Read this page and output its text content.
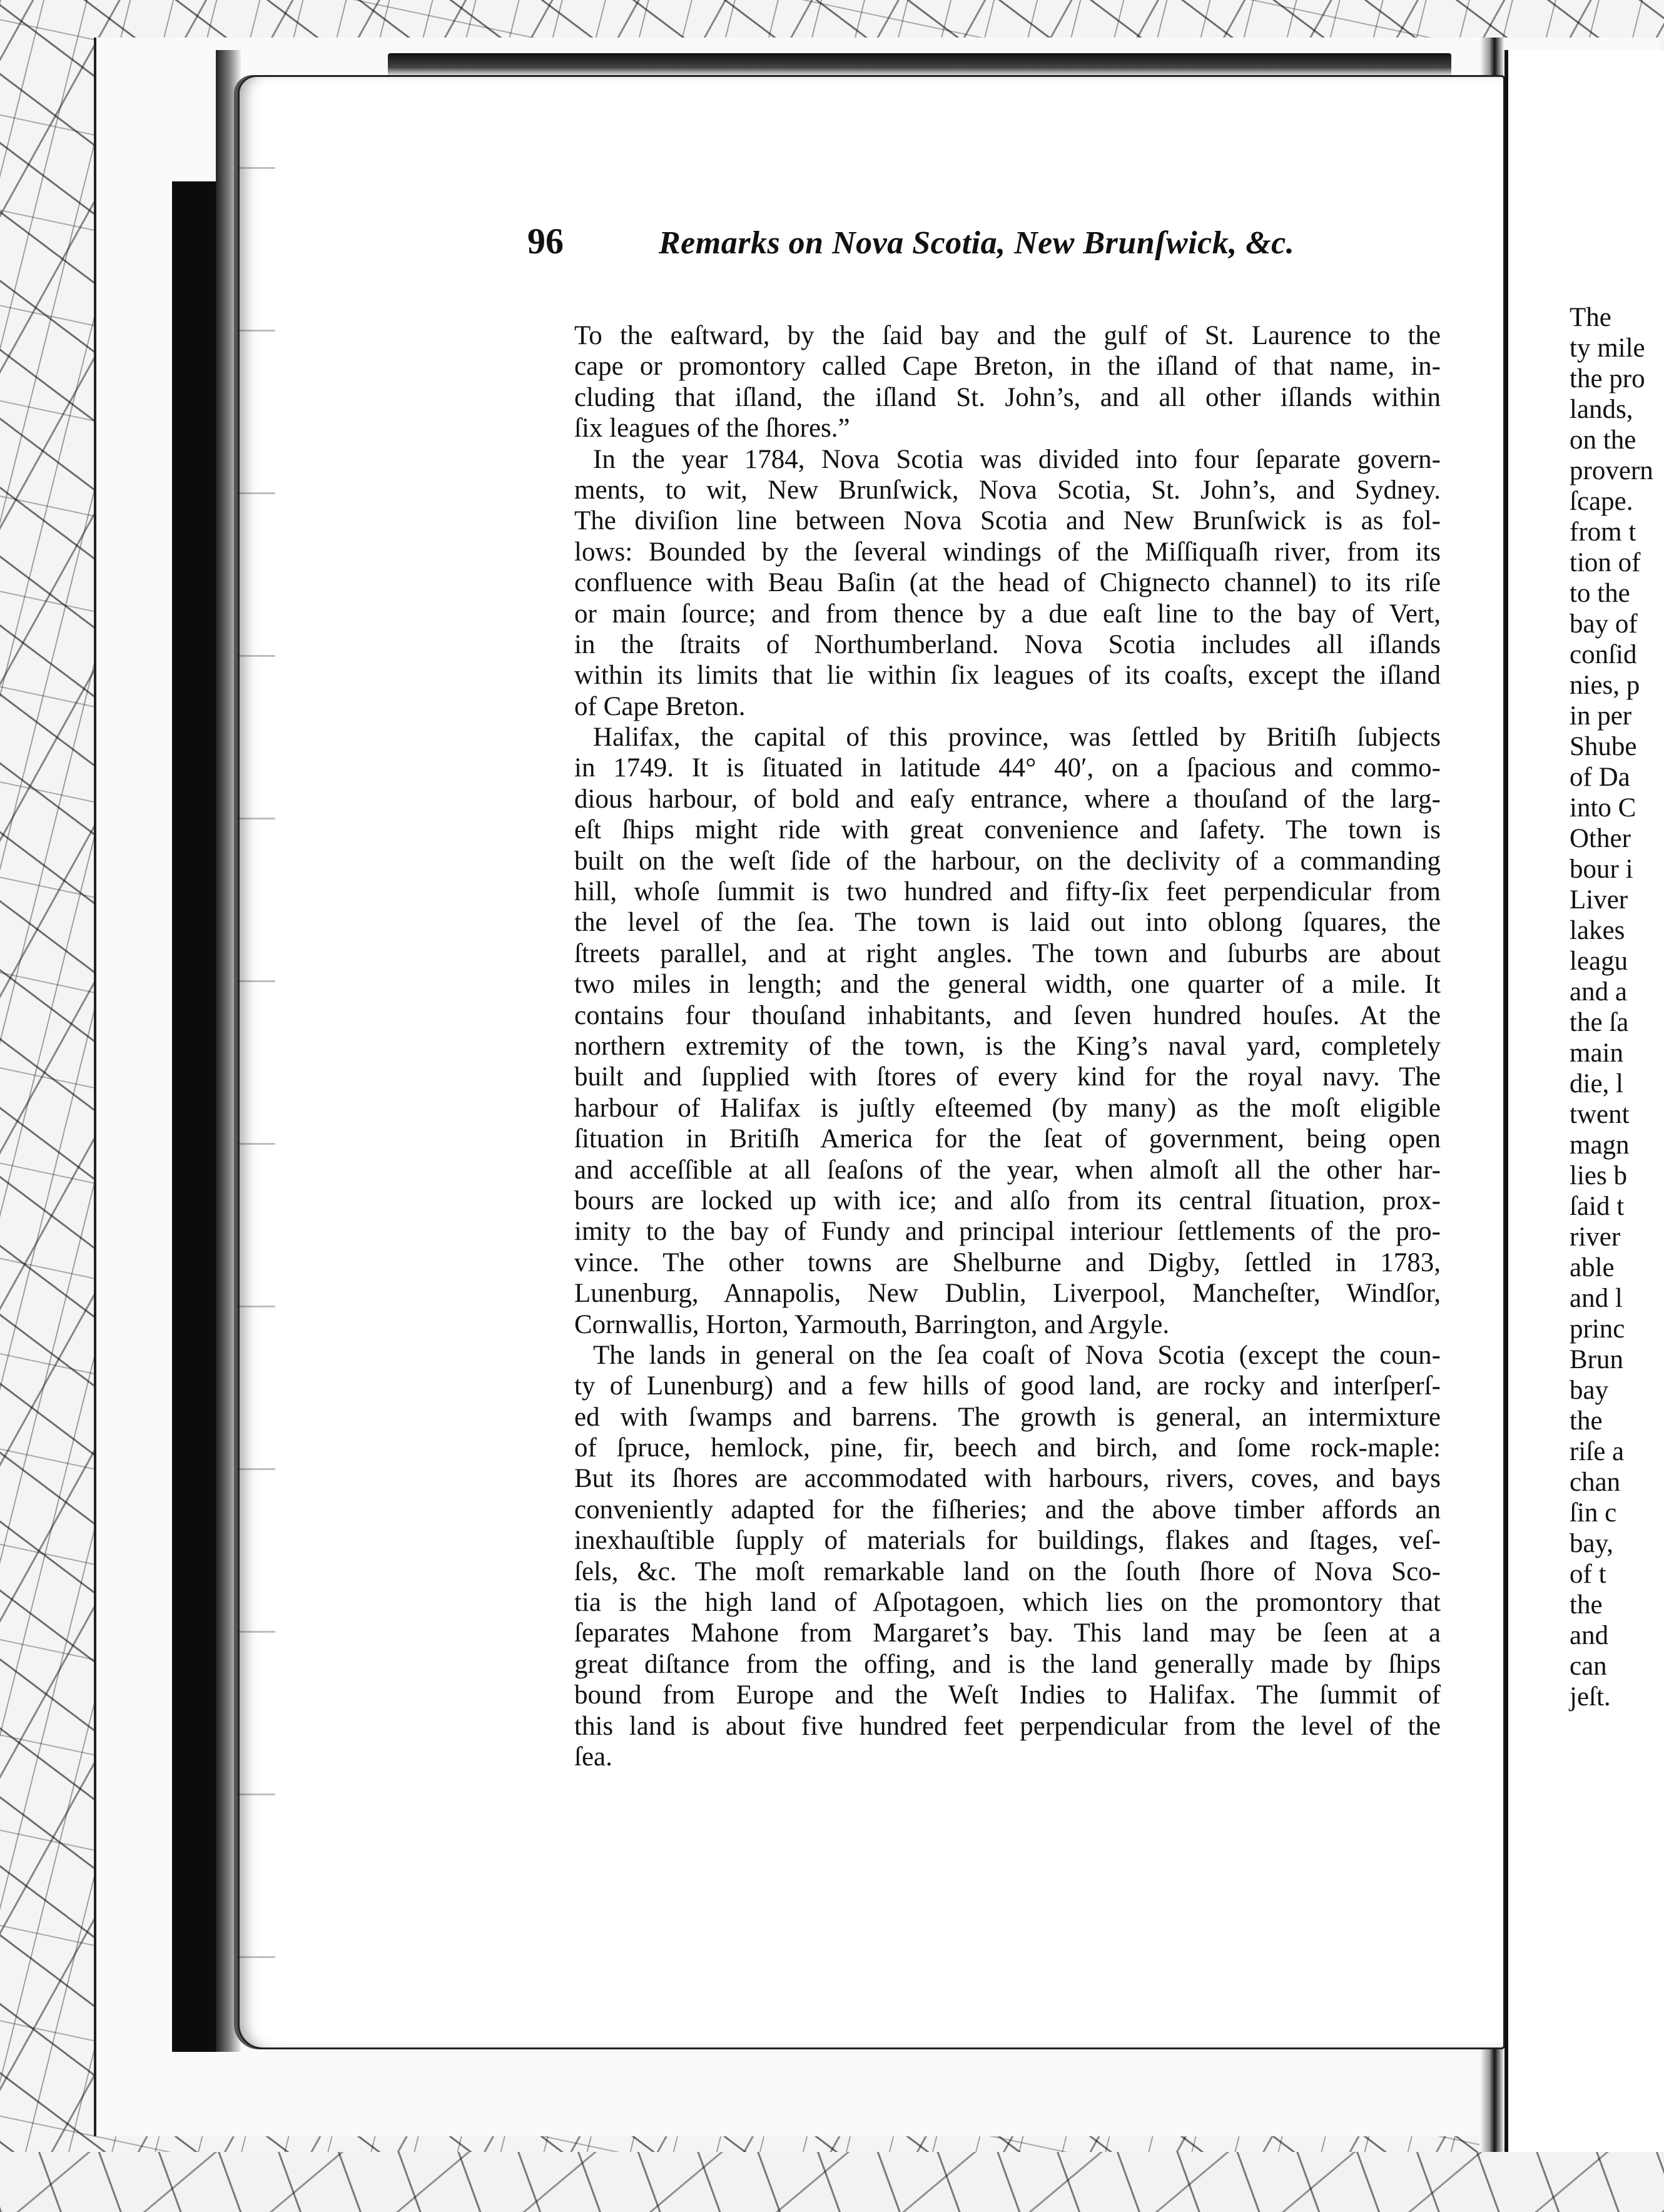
96	Remarks on Nova Scotia, New Brunſwick, &c.
To the eaſtward, by the ſaid bay and the gulf of St. Laurence to the
cape or promontory called Cape Breton, in the iſland of that name, in-
cluding that iſland, the iſland St. John’s, and all other iſlands within
ſix leagues of the ſhores.”
In the year 1784, Nova Scotia was divided into four ſeparate govern-
ments, to wit, New Brunſwick, Nova Scotia, St. John’s, and Sydney.
The diviſion line between Nova Scotia and New Brunſwick is as fol-
lows: Bounded by the ſeveral windings of the Miſſiquaſh river, from its
confluence with Beau Baſin (at the head of Chignecto channel) to its riſe
or main ſource; and from thence by a due eaſt line to the bay of Vert,
in the ſtraits of Northumberland. Nova Scotia includes all iſlands
within its limits that lie within ſix leagues of its coaſts, except the iſland
of Cape Breton.
Halifax, the capital of this province, was ſettled by Britiſh ſubjects
in 1749. It is ſituated in latitude 44° 40′, on a ſpacious and commo-
dious harbour, of bold and eaſy entrance, where a thouſand of the larg-
eſt ſhips might ride with great convenience and ſafety. The town is
built on the weſt ſide of the harbour, on the declivity of a commanding
hill, whoſe ſummit is two hundred and fifty-ſix feet perpendicular from
the level of the ſea. The town is laid out into oblong ſquares, the
ſtreets parallel, and at right angles. The town and ſuburbs are about
two miles in length; and the general width, one quarter of a mile. It
contains four thouſand inhabitants, and ſeven hundred houſes. At the
northern extremity of the town, is the King’s naval yard, completely
built and ſupplied with ſtores of every kind for the royal navy. The
harbour of Halifax is juſtly eſteemed (by many) as the moſt eligible
ſituation in Britiſh America for the ſeat of government, being open
and acceſſible at all ſeaſons of the year, when almoſt all the other har-
bours are locked up with ice; and alſo from its central ſituation, prox-
imity to the bay of Fundy and principal interiour ſettlements of the pro-
vince. The other towns are Shelburne and Digby, ſettled in 1783,
Lunenburg, Annapolis, New Dublin, Liverpool, Mancheſter, Windſor,
Cornwallis, Horton, Yarmouth, Barrington, and Argyle.
The lands in general on the ſea coaſt of Nova Scotia (except the coun-
ty of Lunenburg) and a few hills of good land, are rocky and interſperſ-
ed with ſwamps and barrens. The growth is general, an intermixture
of ſpruce, hemlock, pine, fir, beech and birch, and ſome rock-maple:
But its ſhores are accommodated with harbours, rivers, coves, and bays
conveniently adapted for the fiſheries; and the above timber affords an
inexhauſtible ſupply of materials for buildings, flakes and ſtages, veſ-
ſels, &c. The moſt remarkable land on the ſouth ſhore of Nova Sco-
tia is the high land of Aſpotagoen, which lies on the promontory that
ſeparates Mahone from Margaret’s bay. This land may be ſeen at a
great diſtance from the offing, and is the land generally made by ſhips
bound from Europe and the Weſt Indies to Halifax. The ſummit of
this land is about five hundred feet perpendicular from the level of the
ſea.
The
ty mile
the pro
lands,
on the
provern
ſcape.
from t
tion of
to the
bay of
conſid
nies, p
in per
Shube
of Da
into C
Other
bour i
Liver
lakes
leagu
and a
the ſa
main
die, l
twent
magn
lies b
ſaid t
river
able
and l
princ
Brun
bay
the
riſe a
chan
ſin c
bay,
of t
the
and
can
jeſt.
